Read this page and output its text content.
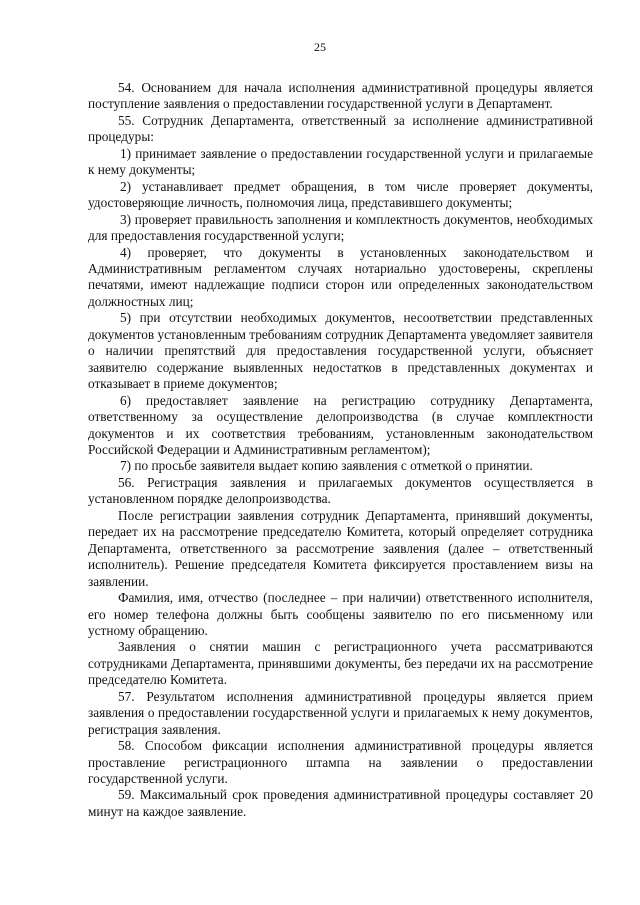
25

54. Основанием для начала исполнения административной процедуры является поступление заявления о предоставлении государственной услуги в Департамент.

55. Сотрудник Департамента, ответственный за исполнение административной процедуры:

1) принимает заявление о предоставлении государственной услуги и прилагаемые к нему документы;

2) устанавливает предмет обращения, в том числе проверяет документы, удостоверяющие личность, полномочия лица, представившего документы;

3) проверяет правильность заполнения и комплектность документов, необходимых для предоставления государственной услуги;

4) проверяет, что документы в установленных законодательством и Административным регламентом случаях нотариально удостоверены, скреплены печатями, имеют надлежащие подписи сторон или определенных законодательством должностных лиц;

5) при отсутствии необходимых документов, несоответствии представленных документов установленным требованиям сотрудник Департамента уведомляет заявителя о наличии препятствий для предоставления государственной услуги, объясняет заявителю содержание выявленных недостатков в представленных документах и отказывает в приеме документов;

6) предоставляет заявление на регистрацию сотруднику Департамента, ответственному за осуществление делопроизводства (в случае комплектности документов и их соответствия требованиям, установленным законодательством Российской Федерации и Административным регламентом);

7) по просьбе заявителя выдает копию заявления с отметкой о принятии.

56. Регистрация заявления и прилагаемых документов осуществляется в установленном порядке делопроизводства.

После регистрации заявления сотрудник Департамента, принявший документы, передает их на рассмотрение председателю Комитета, который определяет сотрудника Департамента, ответственного за рассмотрение заявления (далее – ответственный исполнитель). Решение председателя Комитета фиксируется проставлением визы на заявлении.

Фамилия, имя, отчество (последнее – при наличии) ответственного исполнителя, его номер телефона должны быть сообщены заявителю по его письменному или устному обращению.

Заявления о снятии машин с регистрационного учета рассматриваются сотрудниками Департамента, принявшими документы, без передачи их на рассмотрение председателю Комитета.

57. Результатом исполнения административной процедуры является прием заявления о предоставлении государственной услуги и прилагаемых к нему документов, регистрация заявления.

58. Способом фиксации исполнения административной процедуры является проставление регистрационного штампа на заявлении о предоставлении государственной услуги.

59. Максимальный срок проведения административной процедуры составляет 20 минут на каждое заявление.
